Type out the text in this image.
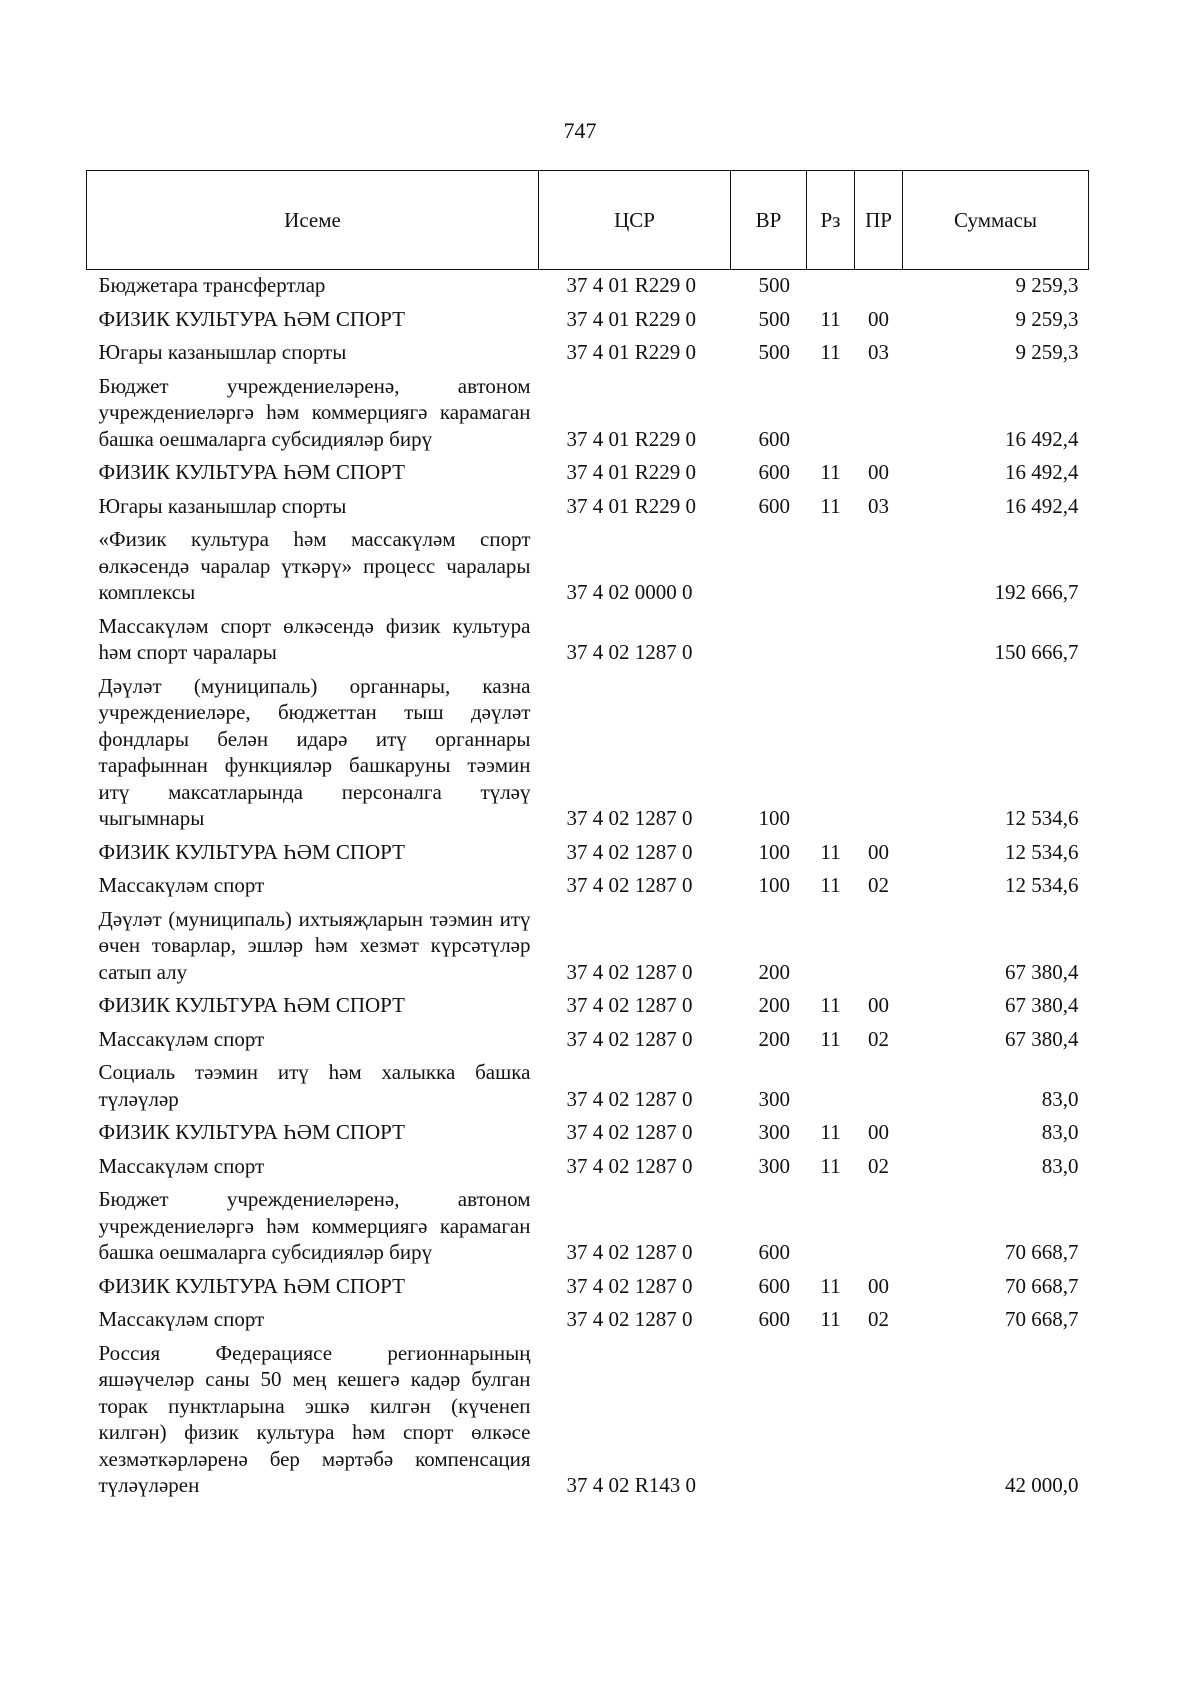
747
Исеме	ЦСР	ВР	Рз	ПР	Суммасы
Бюджетара трансфертлар	37 4 01 R229 0	500			9 259,3
ФИЗИК КУЛЬТУРА ҺӘМ СПОРТ	37 4 01 R229 0	500	11	00	9 259,3
Югары казанышлар спорты	37 4 01 R229 0	500	11	03	9 259,3
Бюджет учреждениеләренә, автоном учреждениеләргә һәм коммерциягә карамаган башка оешмаларга субсидияләр бирү	37 4 01 R229 0	600			16 492,4
ФИЗИК КУЛЬТУРА ҺӘМ СПОРТ	37 4 01 R229 0	600	11	00	16 492,4
Югары казанышлар спорты	37 4 01 R229 0	600	11	03	16 492,4
«Физик культура һәм массакүләм спорт өлкәсендә чаралар үткәрү» процесс чаралары комплексы	37 4 02 0000 0				192 666,7
Массакүләм спорт өлкәсендә физик культура һәм спорт чаралары	37 4 02 1287 0				150 666,7
Дәүләт (муниципаль) органнары, казна учреждениеләре, бюджеттан тыш дәүләт фондлары белән идарә итү органнары тарафыннан функцияләр башкаруны тәэмин итү максатларында персоналга түләү чыгымнары	37 4 02 1287 0	100			12 534,6
ФИЗИК КУЛЬТУРА ҺӘМ СПОРТ	37 4 02 1287 0	100	11	00	12 534,6
Массакүләм спорт	37 4 02 1287 0	100	11	02	12 534,6
Дәүләт (муниципаль) ихтыяҗларын тәэмин итү өчен товарлар, эшләр һәм хезмәт күрсәтүләр сатып алу	37 4 02 1287 0	200			67 380,4
ФИЗИК КУЛЬТУРА ҺӘМ СПОРТ	37 4 02 1287 0	200	11	00	67 380,4
Массакүләм спорт	37 4 02 1287 0	200	11	02	67 380,4
Социаль тәэмин итү һәм халыкка башка түләүләр	37 4 02 1287 0	300			83,0
ФИЗИК КУЛЬТУРА ҺӘМ СПОРТ	37 4 02 1287 0	300	11	00	83,0
Массакүләм спорт	37 4 02 1287 0	300	11	02	83,0
Бюджет учреждениеләренә, автоном учреждениеләргә һәм коммерциягә карамаган башка оешмаларга субсидияләр бирү	37 4 02 1287 0	600			70 668,7
ФИЗИК КУЛЬТУРА ҺӘМ СПОРТ	37 4 02 1287 0	600	11	00	70 668,7
Массакүләм спорт	37 4 02 1287 0	600	11	02	70 668,7
Россия Федерациясе регионнарының яшәүчеләр саны 50 мең кешегә кадәр булган торак пунктларына эшкә килгән (күченеп килгән) физик культура һәм спорт өлкәсе хезмәткәрләренә бер мәртәбә компенсация түләүләрен	37 4 02 R143 0				42 000,0
